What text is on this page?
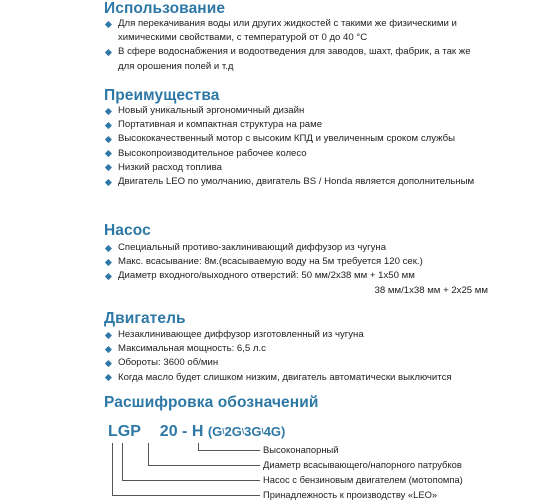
Использование
Для перекачивания воды или других жидкостей с такими же физическими и химическими свойствами, с температурой от 0 до 40 °С
В сфере водоснабжения и водоотведения для заводов, шахт, фабрик, а так же для орошения полей и т.д
Преимущества
Новый уникальный эргономичный дизайн
Портативная и компактная структура на раме
Высококачественный мотор с высоким КПД и увеличенным сроком службы
Высокопроизводительное рабочее колесо
Низкий расход топлива
Двигатель LEO по умолчанию, двигатель BS / Honda является дополнительным
Насос
Специальный противо-заклинивающий диффузор из чугуна
Макс. всасывание: 8м.(всасываемую воду на 5м требуется 120 сек.)
Диаметр входного/выходного отверстий: 50 мм/2х38 мм + 1х50 мм
38 мм/1х38 мм + 2х25 мм
Двигатель
Незаклинивающее диффузор изготовленный из чугуна
Максимальная мощность: 6,5 л.с
Обороты: 3600 об/мин
Когда масло будет слишком низким, двигатель автоматически выключится
Расшифровка обозначений
LGP 20 - H (G\2G\3G\4G)
Высоконапорный
Диаметр всасывающего/напорного патрубков
Насос с бензиновым двигателем (мотопомпа)
Принадлежность к производству «LEO»
